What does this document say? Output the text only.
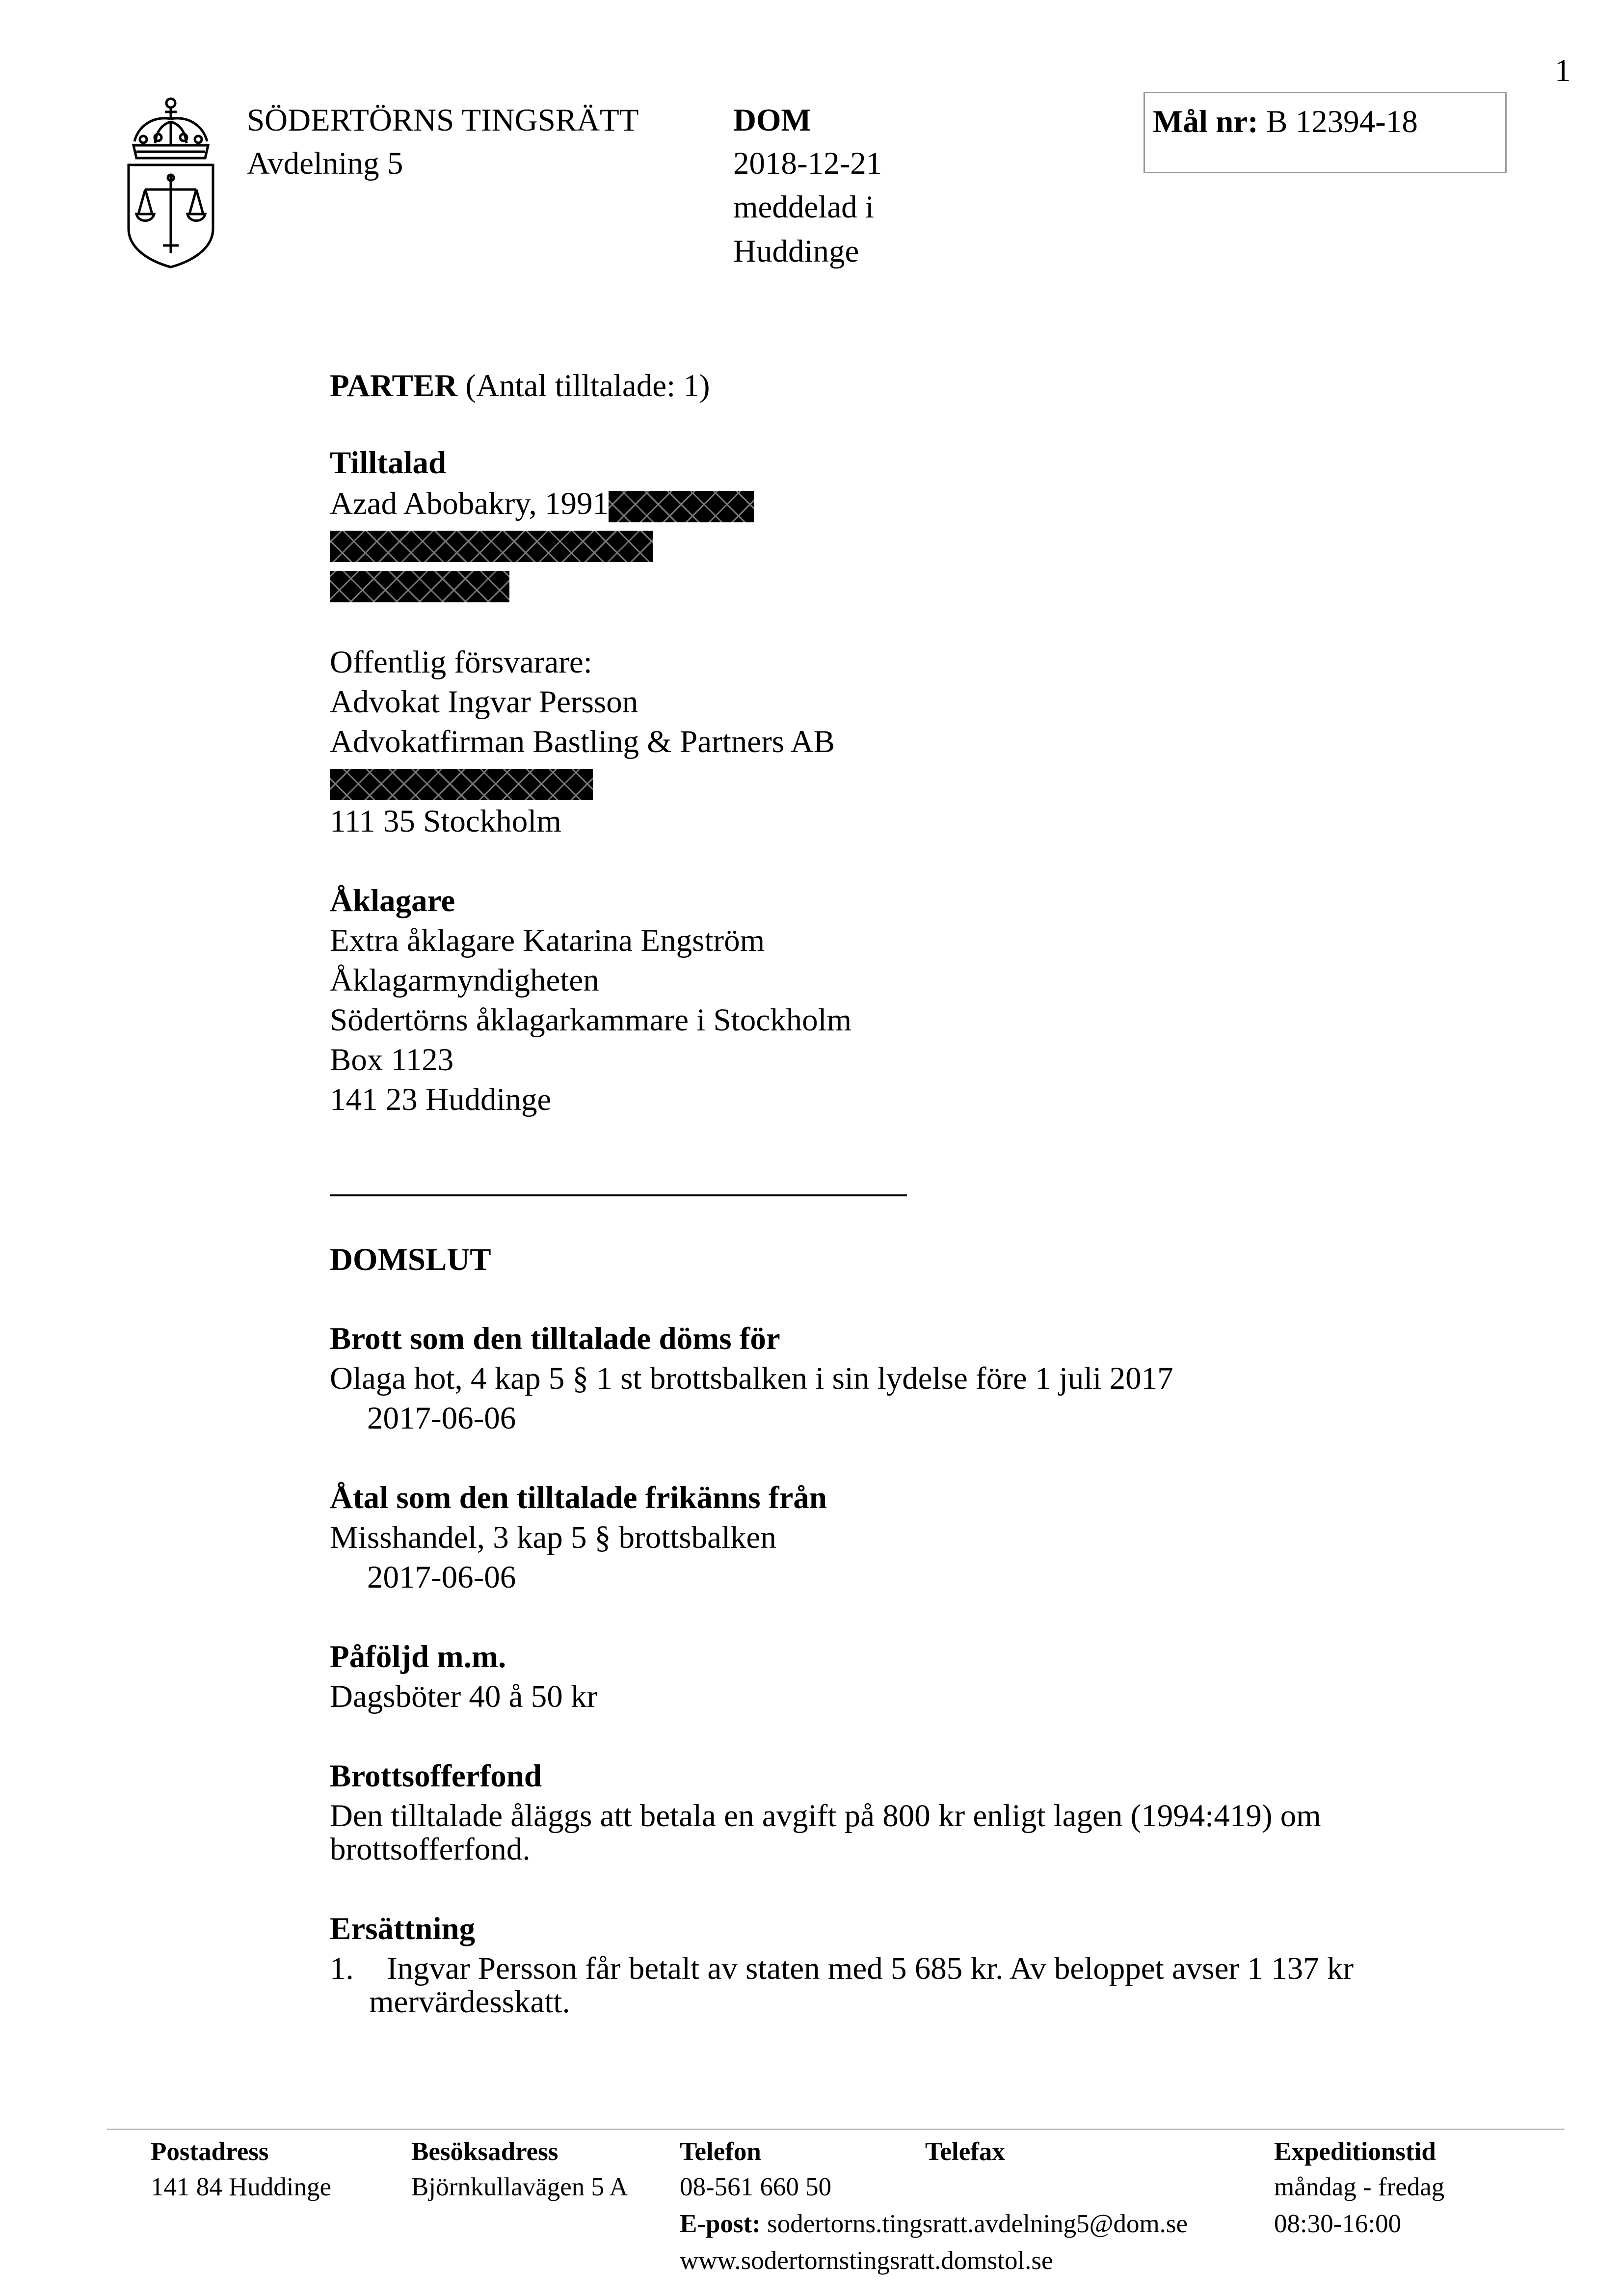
1
SÖDERTÖRNS TINGSRÄTT
Avdelning 5
DOM
2018-12-21
meddelad i
Huddinge
Mål nr: B 12394-18
PARTER (Antal tilltalade: 1)
Tilltalad
Azad Abobakry, 1991
Offentlig försvarare:
Advokat Ingvar Persson
Advokatfirman Bastling & Partners AB
111 35 Stockholm
Åklagare
Extra åklagare Katarina Engström
Åklagarmyndigheten
Södertörns åklagarkammare i Stockholm
Box 1123
141 23 Huddinge
DOMSLUT
Brott som den tilltalade döms för
Olaga hot, 4 kap 5 § 1 st brottsbalken i sin lydelse före 1 juli 2017
2017-06-06
Åtal som den tilltalade frikänns från
Misshandel, 3 kap 5 § brottsbalken
2017-06-06
Påföljd m.m.
Dagsböter 40 å 50 kr
Brottsofferfond
Den tilltalade åläggs att betala en avgift på 800 kr enligt lagen (1994:419) om
brottsofferfond.
Ersättning
1. Ingvar Persson får betalt av staten med 5 685 kr. Av beloppet avser 1 137 kr
mervärdesskatt.
Postadress
141 84 Huddinge
Besöksadress
Björnkullavägen 5 A
Telefon
08-561 660 50
Telefax
E-post: sodertorns.tingsratt.avdelning5@dom.se
www.sodertornstingsratt.domstol.se
Expeditionstid
måndag - fredag
08:30-16:00
